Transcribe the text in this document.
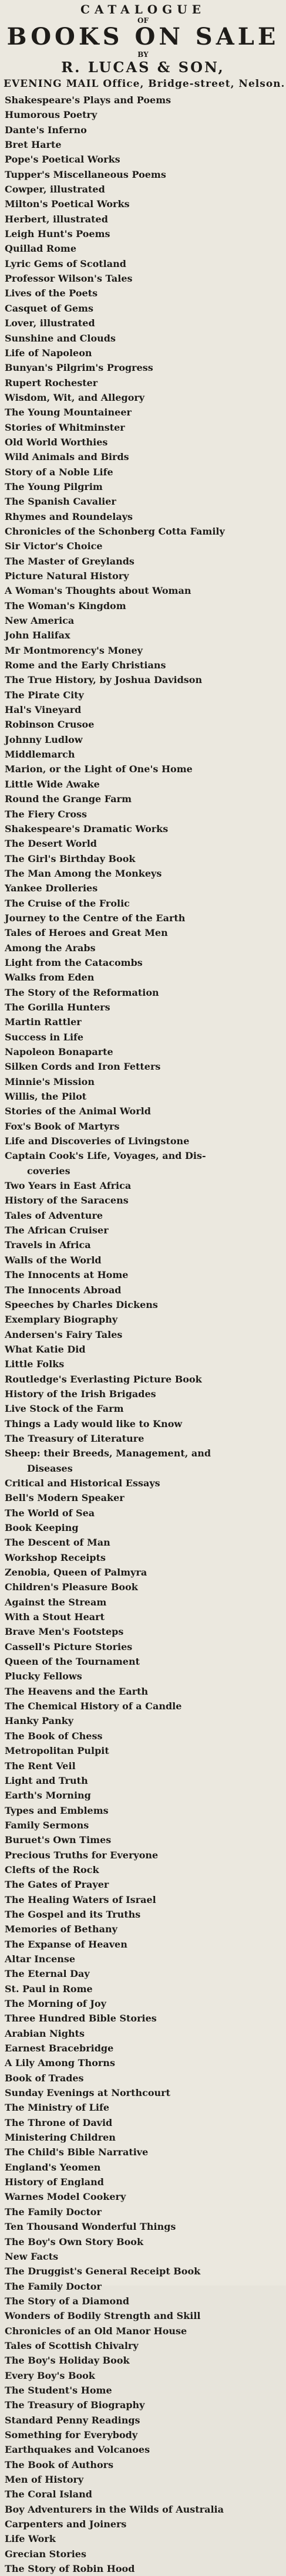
CATALOGUE
OF
BOOKS ON SALE
BY
R. LUCAS & SON,
EVENING MAIL Office, Bridge-street, Nelson.
Shakespeare's Plays and Poems
Humorous Poetry
Dante's Inferno
Bret Harte
Pope's Poetical Works
Tupper's Miscellaneous Poems
Cowper, illustrated
Milton's Poetical Works
Herbert, illustrated
Leigh Hunt's Poems
Quillad Rome
Lyric Gems of Scotland
Professor Wilson's Tales
Lives of the Poets
Casquet of Gems
Lover, illustrated
Sunshine and Clouds
Life of Napoleon
Bunyan's Pilgrim's Progress
Rupert Rochester
Wisdom, Wit, and Allegory
The Young Mountaineer
Stories of Whitminster
Old World Worthies
Wild Animals and Birds
Story of a Noble Life
The Young Pilgrim
The Spanish Cavalier
Rhymes and Roundelays
Chronicles of the Schonberg Cotta Family
Sir Victor's Choice
The Master of Greylands
Picture Natural History
A Woman's Thoughts about Woman
The Woman's Kingdom
New America
John Halifax
Mr Montmorency's Money
Rome and the Early Christians
The True History, by Joshua Davidson
The Pirate City
Hal's Vineyard
Robinson Crusoe
Johnny Ludlow
Middlemarch
Marion, or the Light of One's Home
Little Wide Awake
Round the Grange Farm
The Fiery Cross
Shakespeare's Dramatic Works
The Desert World
The Girl's Birthday Book
The Man Among the Monkeys
Yankee Drolleries
The Cruise of the Frolic
Journey to the Centre of the Earth
Tales of Heroes and Great Men
Among the Arabs
Light from the Catacombs
Walks from Eden
The Story of the Reformation
The Gorilla Hunters
Martin Rattler
Success in Life
Napoleon Bonaparte
Silken Cords and Iron Fetters
Minnie's Mission
Willis, the Pilot
Stories of the Animal World
Fox's Book of Martyrs
Life and Discoveries of Livingstone
Captain Cook's Life, Voyages, and Dis-
coveries
Two Years in East Africa
History of the Saracens
Tales of Adventure
The African Cruiser
Travels in Africa
Walls of the World
The Innocents at Home
The Innocents Abroad
Speeches by Charles Dickens
Exemplary Biography
Andersen's Fairy Tales
What Katie Did
Little Folks
Routledge's Everlasting Picture Book
History of the Irish Brigades
Live Stock of the Farm
Things a Lady would like to Know
The Treasury of Literature
Sheep: their Breeds, Management, and
Diseases
Critical and Historical Essays
Bell's Modern Speaker
The World of Sea
Book Keeping
The Descent of Man
Workshop Receipts
Zenobia, Queen of Palmyra
Children's Pleasure Book
Against the Stream
With a Stout Heart
Brave Men's Footsteps
Cassell's Picture Stories
Queen of the Tournament
Plucky Fellows
The Heavens and the Earth
The Chemical History of a Candle
Hanky Panky
The Book of Chess
Metropolitan Pulpit
The Rent Veil
Light and Truth
Earth's Morning
Types and Emblems
Family Sermons
Buruet's Own Times
Precious Truths for Everyone
Clefts of the Rock
The Gates of Prayer
The Healing Waters of Israel
The Gospel and its Truths
Memories of Bethany
The Expanse of Heaven
Altar Incense
The Eternal Day
St. Paul in Rome
The Morning of Joy
Three Hundred Bible Stories
Arabian Nights
Earnest Bracebridge
A Lily Among Thorns
Book of Trades
Sunday Evenings at Northcourt
The Ministry of Life
The Throne of David
Ministering Children
The Child's Bible Narrative
England's Yeomen
History of England
Warnes Model Cookery
The Family Doctor
Ten Thousand Wonderful Things
The Boy's Own Story Book
New Facts
The Druggist's General Receipt Book
The Family Doctor
The Story of a Diamond
Wonders of Bodily Strength and Skill
Chronicles of an Old Manor House
Tales of Scottish Chivalry
The Boy's Holiday Book
Every Boy's Book
The Student's Home
The Treasury of Biography
Standard Penny Readings
Something for Everybody
Earthquakes and Volcanoes
The Book of Authors
Men of History
The Coral Island
Boy Adventurers in the Wilds of Australia
Carpenters and Joiners
Life Work
Grecian Stories
The Story of Robin Hood
